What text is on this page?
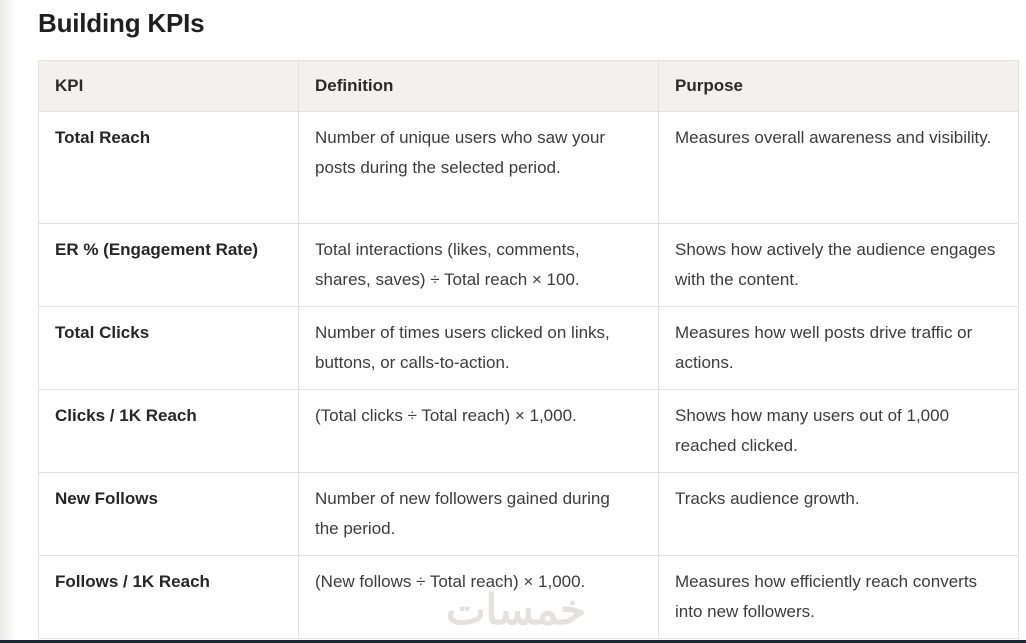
Building KPIs
KPI	Definition	Purpose
Total Reach	Number of unique users who saw your posts during the selected period.	Measures overall awareness and visibility.
ER % (Engagement Rate)	Total interactions (likes, comments, shares, saves) ÷ Total reach × 100.	Shows how actively the audience engages with the content.
Total Clicks	Number of times users clicked on links, buttons, or calls-to-action.	Measures how well posts drive traffic or actions.
Clicks / 1K Reach	(Total clicks ÷ Total reach) × 1,000.	Shows how many users out of 1,000 reached clicked.
New Follows	Number of new followers gained during the period.	Tracks audience growth.
Follows / 1K Reach	(New follows ÷ Total reach) × 1,000.	Measures how efficiently reach converts into new followers.
خمسات
